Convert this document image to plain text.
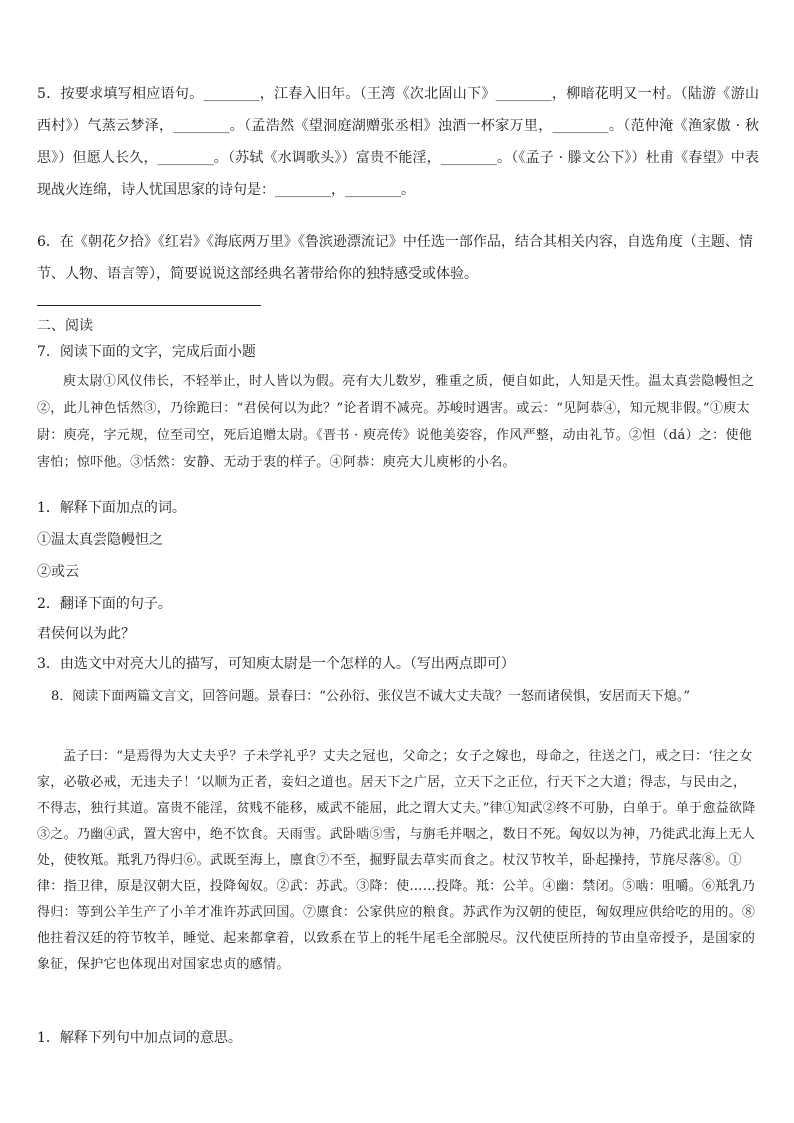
5．按要求填写相应语句。________，江春入旧年。（王湾《次北固山下》________，柳暗花明又一村。（陆游《游山西村》）气蒸云梦泽，________。（孟浩然《望洞庭湖赠张丞相》浊酒一杯家万里，________。（范仲淹《渔家傲 · 秋思》）但愿人长久，________。（苏轼《水调歌头》）富贵不能淫，________。（《孟子 · 滕文公下》）杜甫《春望》中表现战火连绵，诗人忧国思家的诗句是：________，________。

6．在《朝花夕拾》《红岩》《海底两万里》《鲁滨逊漂流记》中任选一部作品，结合其相关内容，自选角度（主题、情节、人物、语言等），简要说说这部经典名著带给你的独特感受或体验。

二、阅读

7．阅读下面的文字，完成后面小题

庾太尉①风仪伟长，不轻举止，时人皆以为假。亮有大儿数岁，雅重之质，便自如此，人知是天性。温太真尝隐幔怛之②，此儿神色恬然③，乃徐跪曰：“君侯何以为此？”论者谓不减亮。苏峻时遇害。或云：“见阿恭④，知元规非假。”①庾太尉：庾亮，字元规，位至司空，死后追赠太尉。《晋书 · 庾亮传》说他美姿容，作风严整，动由礼节。②怛（dá）之：使他害怕；惊吓他。③恬然：安静、无动于衷的样子。④阿恭：庾亮大儿庾彬的小名。

1．解释下面加点的词。

①温太真尝隐幔怛之

②或云

2．翻译下面的句子。

君侯何以为此？

3．由选文中对亮大儿的描写，可知庾太尉是一个怎样的人。（写出两点即可）

8．阅读下面两篇文言文，回答问题。景春曰：“公孙衍、张仪岂不诚大丈夫哉？一怒而诸侯惧，安居而天下熄。”

孟子曰：“是焉得为大丈夫乎？子未学礼乎？丈夫之冠也，父命之；女子之嫁也，母命之，往送之门，戒之曰：‘往之女家，必敬必戒，无违夫子！’以顺为正者，妾妇之道也。居天下之广居，立天下之正位，行天下之大道；得志，与民由之，不得志，独行其道。富贵不能淫，贫贱不能移，威武不能屈，此之谓大丈夫。”律①知武②终不可胁，白单于。单于愈益欲降③之。乃幽④武，置大窖中，绝不饮食。天雨雪。武卧啮⑤雪，与旃毛并咽之，数日不死。匈奴以为神，乃徙武北海上无人处，使牧羝。羝乳乃得归⑥。武既至海上，廪食⑦不至，掘野鼠去草实而食之。杖汉节牧羊，卧起操持，节旄尽落⑧。①律：指卫律，原是汉朝大臣，投降匈奴。②武：苏武。③降：使……投降。羝：公羊。④幽：禁闭。⑤啮：咀嚼。⑥羝乳乃得归：等到公羊生产了小羊才准许苏武回国。⑦廪食：公家供应的粮食。苏武作为汉朝的使臣，匈奴理应供给吃的用的。⑧他拄着汉廷的符节牧羊，睡觉、起来都拿着，以致系在节上的牦牛尾毛全部脱尽。汉代使臣所持的节由皇帝授予，是国家的象征，保护它也体现出对国家忠贞的感情。

1．解释下列句中加点词的意思。
